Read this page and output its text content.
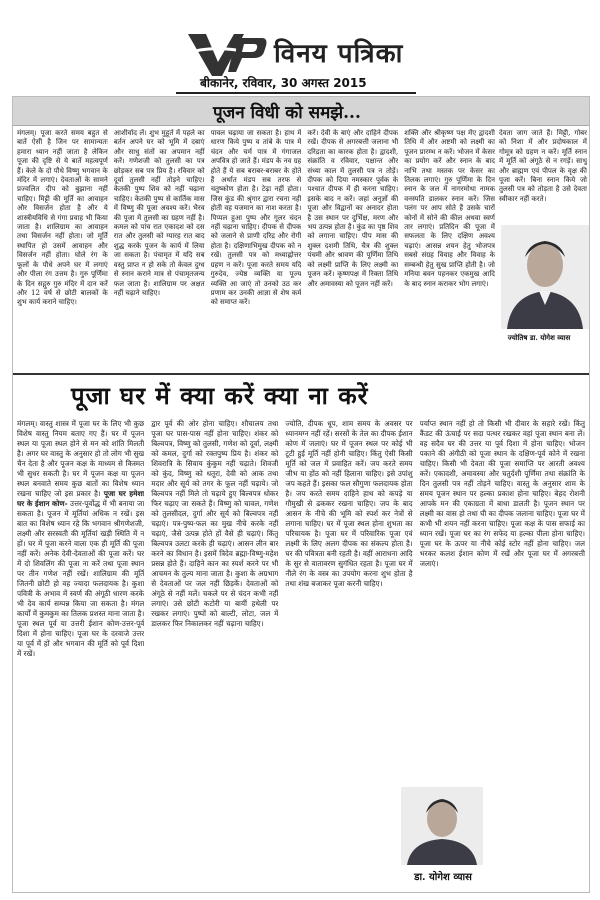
विनय पत्रिका
बीकानेर, रविवार, 30 अगस्त 2015
पूजन विधी को समझे...
मंगलम्। पूजा करते समय बहुत से बातें ऐसी है जिन पर सामान्यतः हमारा ध्यान नहीं जाता है लेकिन पूजा की दृष्टि से ये बातें महत्वपूर्ण हैं। केले के दो पौधे विष्णु भगवान के मंदिर में लगाएं। देवताओं के सामने प्रज्वलित दीप को बुझाना नहीं चाहिए। मिट्टी की मूर्ति का आवाहन और विसर्जन होता है और ये शास्त्रीयविधि से गंगा प्रवाह भी किया जाता है। शालिग्राम का आवाहन तथा विसर्जन नहीं होता। जो मूर्ति स्थापित हो उसमें आवाहन और विसर्जन नहीं होता। घोले रंग के फूलों के पौधे अपने घर में लगाएं और पीला रंग उत्तम है। गुरु पूर्णिमा के दिन सद्गुरु गुरु मंदिर में दान करें और 12 वर्ष से छोटी बालकों के शुभ कार्य कराने चाहिए।
आशीर्वाद लें। शुभ मुहूर्त में पहले का बर्तन अपने घर को भूमि में दबाएं और साधु संतों का अपमान नहीं करें। गणेशजी को तुलसी का पत्र छोड़कर सब पत्र प्रिय है। रविवार को दूर्वा तुलसी नहीं तोड़ने चाहिए। केतकी पुष्प शिव को नहीं चढ़ाना चाहिए। केतकी पुष्प से कार्तिक मास में विष्णु की पूजा अवश्य करें। भैरव की पूजा में तुलसी का ग्रहण नहीं है। कमल को पांच रात एकादश को दस रात और तुलसी को ग्यारह रात बाद शुद्ध करके पूजन के कार्य में लिया जा सकता है। पंचामृत में यदि सब वस्तु प्राप्त न हो सके तो केवल दुग्ध से स्नान कराने मात्र से पंचामृतजन्य फल जाता है। शालिग्राम पर अक्षत नहीं चढ़ाने चाहिए।
पावल चढ़ाया जा सकता है। हाथ में धारण किये पुष्प व तांबे के पात्र में चंदन और चर्म पात्र में गंगाजल अपवित्र हो जाते हैं। मंडप के नव ग्रह होते हैं ये सब बराबर-बराबर के होते हैं अर्थात मंडप सब तरफ से चतुष्कोण होता है। टेढ़ा नहीं होता। जिस कुंड की श्रृंगार द्वारा रचना नहीं होती वह यजमान का नाश करता है। पिप्पल हुआ पुष्प और गूलर चंदन नहीं चढ़ाना चाहिए। दीपक से दीपक को जलाने से प्राणी दरिद्र और रोगी होता है। दक्षिणाभिमुख दीपक को न रखें। तुलसी पत्र को मध्याह्नोत्तर ग्रहण न करें। पूजा करते समय यदि गुरुदेव, ज्येष्ठ व्यक्ति या पूज्य व्यक्ति आ जाएं तो उनको उठ कर प्रणाम कर उनकी आज्ञा से शेष कर्म को समाप्त करें।
करें। देवी के बाएं और दाहिने दीपक रखें। दीपक से अगरबत्ती जलाना भी दरिद्रता का कारक होता है। द्वादशी, संक्रांति व रविवार, पक्षान्त और संध्या काल में तुलसी पत्र न तोड़ें। दीपक को दिया नमस्कार पूर्वक के पश्चात दीपक में ही करना चाहिए। इसके बाद न करें। जहां अनुज्ञों की पूजा और विद्वानों का अनादर होता है उस स्थान पर दुर्भिक्ष, मरण और भय उत्पन्न होता है। कुंड का पृष्ठ शिव को लगाना चाहिए। पीप मास की शुक्ल दशमी तिथि, चैत्र की शुक्ल पंचमी और श्रावण की पूर्णिमा तिथि को लक्ष्मी प्राप्ति के लिए लक्ष्मी का पूजन करें। कृष्णपक्ष में रिक्ता तिथि और अमावस्या को पूजन नहीं करें।
शक्ति और श्रीकृष्ण पक्ष मेंए द्वादशी तिथि में और अष्टमी को लक्ष्मी का पूजन प्रारम्भ न करें। भोजन में केसर का प्रयोग करें और स्नान के बाद नाभि तथा मस्तक पर केसर का तिलक लगाएं। गुरु पूर्णिमा के दिन स्नान के जल में नागरमोथा नामक वनस्पति डालकर स्नान करें। जिस पलंग पर आप सोते हैं उसके चारों कोनों में सोने की कील अथवा स्वर्ण तार लगाएं। प्रतिदिन की पूजा में सफलता के लिए दक्षिण अवश्य चढ़ाएं। आसन्न शयन हेतु भोजपत्र सबसे संग्रह विवाह और विवाह के सम्बन्धी हेतु सुख प्राप्ति होती है। जो मनिया बवन पहनकर एकमुख आदि के बाद स्नान कराकर भोग लगाएं।
देवता जाग जाते हैं। मिट्टी, गोबर को निशा में और प्रदोषकाल में गोमूत्र को ग्रहण न करें। मूर्ति स्नान में मूर्ति को अंगूठे से न रगड़ें। साधु और ब्राह्मण एवं पीपल के वृक्ष की पूजा करें। बिना स्नान किये जो तुलसी पत्र को तोड़ता है उसे देवता स्वीकार नहीं करते।
ज्योतिष डा. योगेश व्यास
पूजा घर में क्या करें क्या ना करें
मंगलम्। वास्तु शास्त्र में पूजा घर के लिए भी कुछ विशेष वास्तु नियम बताए गए हैं। घर में पूजन स्थल या पूजा स्थल होने से मन को शांति मिलती है। अगर घर वास्तु के अनुसार हो तो लोग भी सुख चैन देता है और पूजन कक्ष के माध्यम से किस्मत भी सुधर सकती है। घर में पूजन कक्ष या पूजन स्थल बनवाते समय कुछ बातों का विशेष ध्यान रखना चाहिए जो इस प्रकार है। पूजा घर हमेशा घर के ईशान कोण- उत्तर-पूर्वोद्ध में भी बनाया जा सकता है। पूजन में मूर्तियां अधिक न रखें। इस बात का विशेष ध्यान रहे कि भगवान श्रीगणेशजी, लक्ष्मी और सरस्वती की मूर्तियां खड़ी स्थिति में न हों। घर में पूजा करने वाला एक ही मूर्ति की पूजा नहीं करें। अनेक देवी-देवताओं की पूजा करें। घर में दो शिवलिंग की पूजा ना करें तथा पूजा स्थान पर तीन गणेश नहीं रखें। शालिग्राम की मूर्ति जितनी छोटी हो वह ज्यादा फलदायक है। कुशा पवित्री के अभाव में स्वर्ण की अंगूठी धारण करके भी देव कार्य सम्पन्न किया जा सकता है। मंगल कार्यों में कुमकुम का तिलक प्रशस्त माना जाता है। पूजा स्थल पूर्व या उत्तरी ईशान कोण-उत्तर-पूर्व दिशा में होना चाहिए। पूजा घर के दरवाजे उत्तर या पूर्व में हों और भगवान की मूर्ति को पूर्व दिशा में रखें।
द्वार पूर्व की ओर होना चाहिए। शौचालय तथा पूजा घर पास-पास नहीं होना चाहिए। शंकर को बिल्वपत्र, विष्णु को तुलसी, गणेश को दूर्वा, लक्ष्मी को कमल, दुर्गा को रक्तपुष्प प्रिय है। शंकर को शिवरात्रि के सिवाय कुंकुम नहीं चढ़ाते। शिवजी को कुंद, विष्णु को धतूरा, देवी को आक तथा मदार और सूर्य को तगर के फूल नहीं चढ़ाये। जो बिल्वपत्र नहीं मिले तो चढ़ाये हुए बिल्वपत्र धोकर फिर चढ़ाए जा सकते हैं। विष्णु को चावल, गणेश को तुलसीदल, दुर्गा और सूर्य को बिल्वपत्र नहीं चढ़ाएं। पत्र-पुष्प-फल का मुख नीचे करके नहीं चढ़ाएं, जैसे उत्पन्न होते हों वैसे ही चढ़ाएं। किंतु बिल्वपत्र उलटा करके ही चढ़ाएं। आसन लीन बार करने का विधान है। इसमें त्रिदेव ब्रह्मा-विष्णु-महेश प्रसन्न होते हैं। दाहिने कान का स्पर्श करने पर भी आचमन के तुल्य माना जाता है। कुशा के अग्रभाग से देवताओं पर जल नहीं छिड़कें। देवताओं को अंगूठे से नहीं मलें। चकले पर से चंदन कभी नहीं लगाएं। उसे छोटी कटोरी या बायीं हथेली पर रखकर लगाएं। पुष्पों को बाल्टी, लोटा, जल में डालकर फिर निकालकर नहीं चढ़ाना चाहिए।
ज्योति, दीपक धूप, शाम समय के अवसर पर ध्यानमग्न नहीं रहें। सरसों के तेल का दीपक ईशान कोण में जलाएं। घर में पूजन स्थल पर कोई भी टूटी हुई मूर्ति नहीं होनी चाहिए। किंतु ऐसी किसी मूर्ति को जल में प्रवाहित करें। जप करते समय जीभ या होंठ को नहीं हिलाना चाहिए। इसे उपांशु जप कहते हैं। इसका फल सौगुणा फलदायक होता है। जप करते समय दाहिने हाथ को कपड़े या गौमुखी से ढककर रखना चाहिए। जप के बाद आसन के नीचे की भूमि को स्पर्श कर नेत्रों से लगाना चाहिए। घर में पूजा स्थल होना शुभता का परिचायक है। पूजा घर में परिवारिक पूजा एवं लक्ष्मी के लिए अलग दीपक का संकल्प होता है। घर की पवित्रता बनी रहती है। वहीं आराधना आदि के सुर से वातावरण सुगंधित रहता है। पूजा घर में नीले रंग के वस्त्र का उपयोग करना शुभ होता है तथा शंख बजाकर पूजा करनी चाहिए।
पर्याप्त स्थान नहीं हो तो किसी भी दीवार के सहारे रखें। किंतु कैंडट की ऊंचाई पर सदा पत्थर रखकर वहां पूजा स्थान बना लें। वह सदैव घर की उत्तर या पूर्व दिशा में होना चाहिए। भोजन पकाने की अंगीठी को पूजा स्थान के दक्षिण-पूर्व कोने में रखना चाहिए। किसी भी देवता की पूजा समाप्ति पर आरती अवश्य करें। एकादशी, अमावस्या और चतुर्दशी पूर्णिमा तथा संक्रांति के दिन तुलसी पत्र नहीं तोड़ने चाहिए। वास्तु के अनुसार शाम के समय पूजन स्थान पर हल्का प्रकाश होना चाहिए। बेहद रोशनी आपके मन की एकाग्रता में बाधा डालती है। पूजन स्थान पर लक्ष्मी का वास हो तथा घी का दीपक जलाना चाहिए। पूजा घर में कभी भी शयन नहीं करना चाहिए। पूजा कक्ष के पास सफाई का ध्यान रखें। पूजा घर का रंग सफेद या हल्का पीला होना चाहिए। पूजा घर के ऊपर या नीचे कोई स्टोर नहीं होना चाहिए। जल भरकर कलश ईशान कोण में रखें और पूजा घर में अगरबत्ती जलाएं।
डा. योगेश व्यास
